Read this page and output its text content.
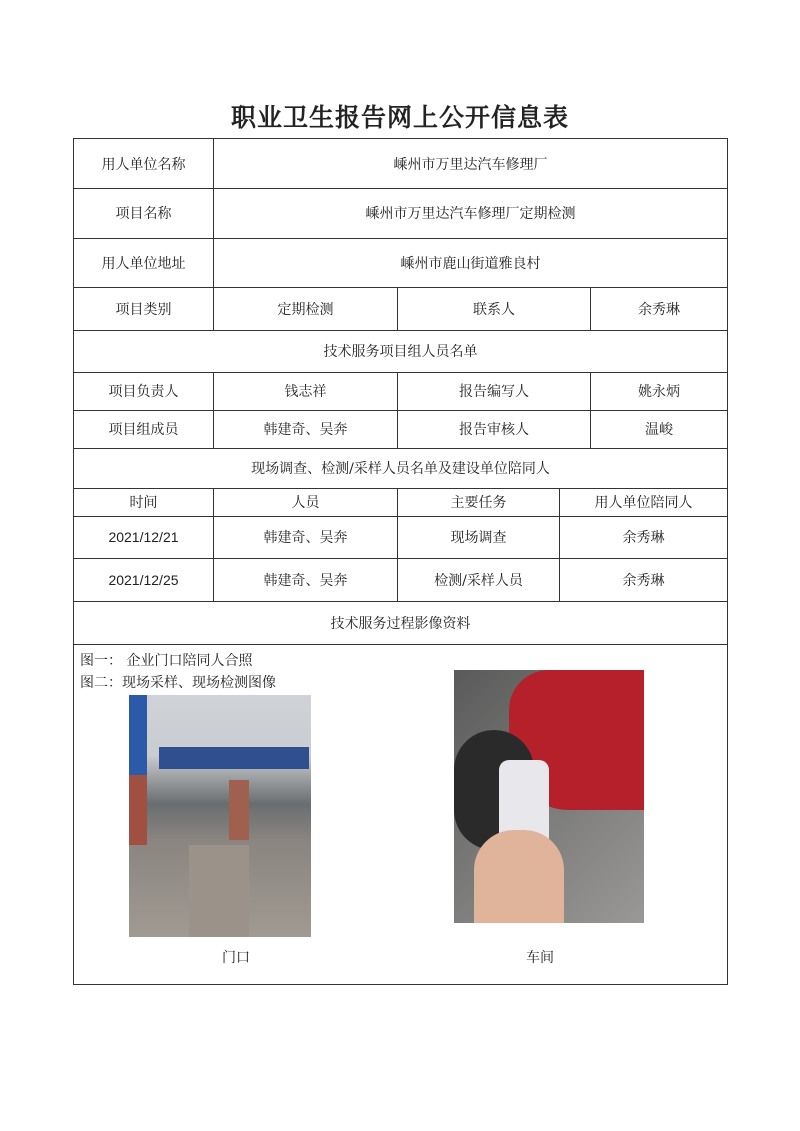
职业卫生报告网上公开信息表
用人单位名称	嵊州市万里达汽车修理厂
项目名称	嵊州市万里达汽车修理厂定期检测
用人单位地址	嵊州市鹿山街道雅良村
项目类别	定期检测	联系人	余秀琳
技术服务项目组人员名单
项目负责人	钱志祥	报告编写人	姚永炳
项目组成员	韩建奇、吴奔	报告审核人	温峻
现场调查、检测/采样人员名单及建设单位陪同人
时间	人员	主要任务	用人单位陪同人
2021/12/21	韩建奇、吴奔	现场调查	余秀琳
2021/12/25	韩建奇、吴奔	检测/采样人员	余秀琳
技术服务过程影像资料
图一： 企业门口陪同人合照
图二：现场采样、现场检测图像
门口	车间
